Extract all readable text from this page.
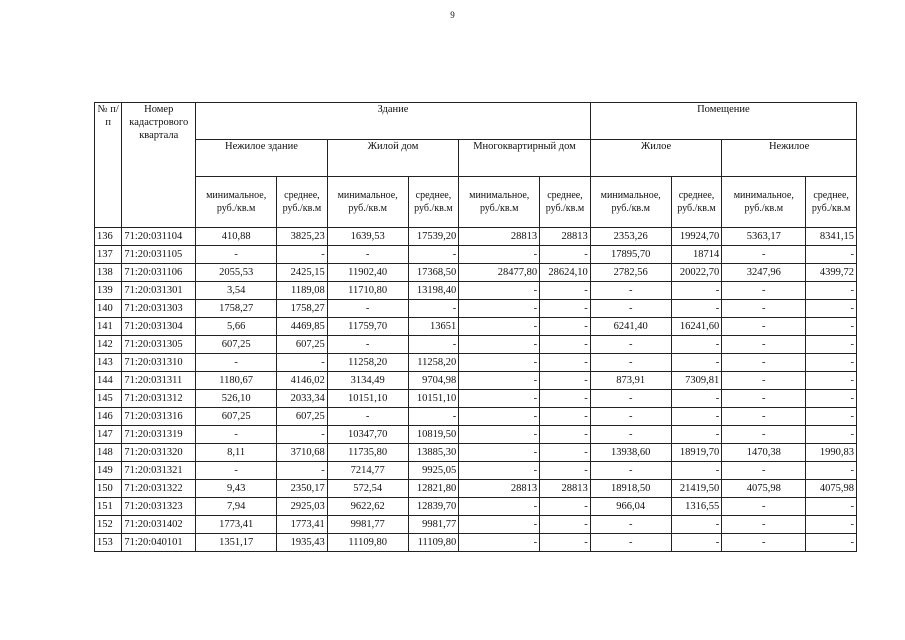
9
№ п/п	Номер кадастрового квартала	Здание						Помещение			
		Нежилое здание		Жилой дом		Многоквартирный дом		Жилое		Нежилое	
		минимальное, руб./кв.м	среднее, руб./кв.м	минимальное, руб./кв.м	среднее, руб./кв.м	минимальное, руб./кв.м	среднее, руб./кв.м	минимальное, руб./кв.м	среднее, руб./кв.м	минимальное, руб./кв.м	среднее, руб./кв.м
136	71:20:031104	410,88	3825,23	1639,53	17539,20	28813	28813	2353,26	19924,70	5363,17	8341,15
137	71:20:031105	-	-	-	-	-	-	17895,70	18714	-	-
138	71:20:031106	2055,53	2425,15	11902,40	17368,50	28477,80	28624,10	2782,56	20022,70	3247,96	4399,72
139	71:20:031301	3,54	1189,08	11710,80	13198,40	-	-	-	-	-	-
140	71:20:031303	1758,27	1758,27	-	-	-	-	-	-	-	-
141	71:20:031304	5,66	4469,85	11759,70	13651	-	-	6241,40	16241,60	-	-
142	71:20:031305	607,25	607,25	-	-	-	-	-	-	-	-
143	71:20:031310	-	-	11258,20	11258,20	-	-	-	-	-	-
144	71:20:031311	1180,67	4146,02	3134,49	9704,98	-	-	873,91	7309,81	-	-
145	71:20:031312	526,10	2033,34	10151,10	10151,10	-	-	-	-	-	-
146	71:20:031316	607,25	607,25	-	-	-	-	-	-	-	-
147	71:20:031319	-	-	10347,70	10819,50	-	-	-	-	-	-
148	71:20:031320	8,11	3710,68	11735,80	13885,30	-	-	13938,60	18919,70	1470,38	1990,83
149	71:20:031321	-	-	7214,77	9925,05	-	-	-	-	-	-
150	71:20:031322	9,43	2350,17	572,54	12821,80	28813	28813	18918,50	21419,50	4075,98	4075,98
151	71:20:031323	7,94	2925,03	9622,62	12839,70	-	-	966,04	1316,55	-	-
152	71:20:031402	1773,41	1773,41	9981,77	9981,77	-	-	-	-	-	-
153	71:20:040101	1351,17	1935,43	11109,80	11109,80	-	-	-	-	-	-
